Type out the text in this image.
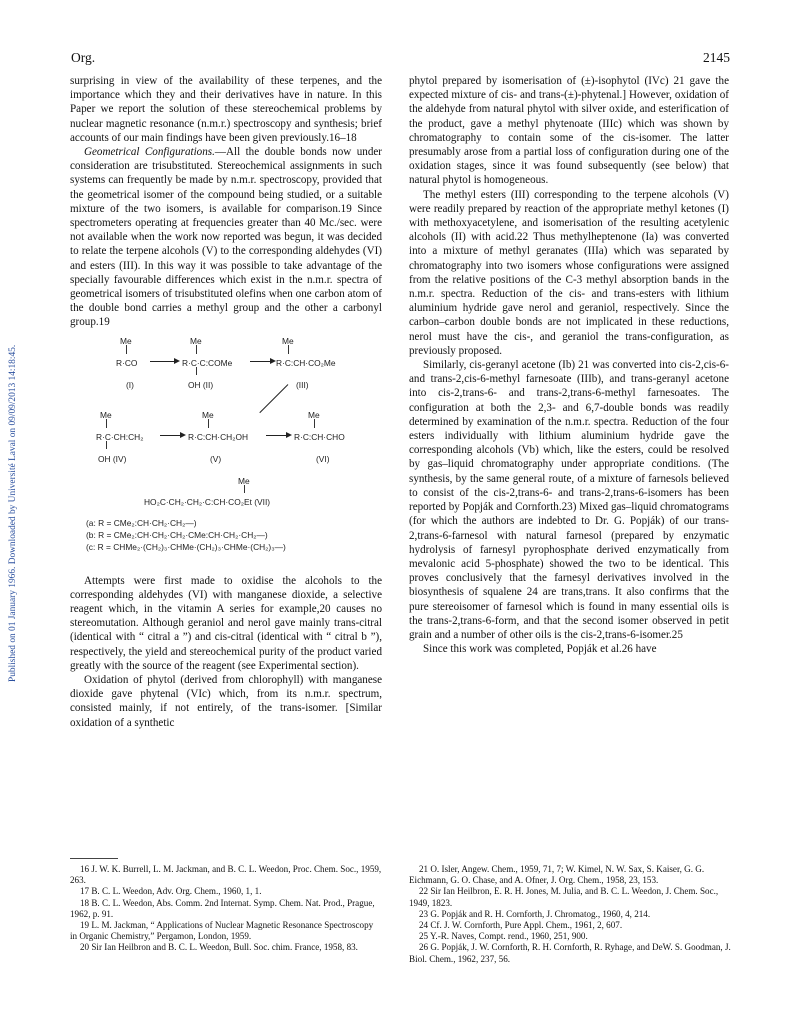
Org.	2145
Published on 01 January 1966. Downloaded by Université Laval on 09/09/2013 14:18:45.

surprising in view of the availability of these terpenes, and the importance which they and their derivatives have in nature. In this Paper we report the solution of these stereochemical problems by nuclear magnetic resonance (n.m.r.) spectroscopy and synthesis; brief accounts of our main findings have been given previously.16–18

Geometrical Configurations.—All the double bonds now under consideration are trisubstituted. Stereochemical assignments in such systems can frequently be made by n.m.r. spectroscopy, provided that the geometrical isomer of the compound being studied, or a suitable mixture of the two isomers, is available for comparison.19 Since spectrometers operating at frequencies greater than 40 Mc./sec. were not available when the work now reported was begun, it was decided to relate the terpene alcohols (V) to the corresponding aldehydes (VI) and esters (III). In this way it was possible to take advantage of the specially favourable differences which exist in the n.m.r. spectra of geometrical isomers of trisubstituted olefins when one carbon atom of the double bond carries a methyl group and the other a carbonyl group.19

Me	Me	Me
R·CO → R·C·C:COMe → R·C:CH·CO₂Me
(I)	OH (II)	(III)
Me	Me	Me
R·C·CH:CH₂ → R·C:CH·CH₂OH → R·C:CH·CHO
OH (IV)	(V)	(VI)
Me
HO₂C·CH₂·CH₂·C:CH·CO₂Et (VII)
(a: R = CMe₂:CH·CH₂·CH₂—)
(b: R = CMe₂:CH·CH₂·CH₂·CMe:CH·CH₂·CH₂—)
(c: R = CHMe₂·(CH₂)₃·CHMe·(CH₂)₃·CHMe·(CH₂)₃—)

Attempts were first made to oxidise the alcohols to the corresponding aldehydes (VI) with manganese dioxide, a selective reagent which, in the vitamin A series for example,20 causes no stereomutation. Although geraniol and nerol gave mainly trans-citral (identical with “ citral a ”) and cis-citral (identical with “ citral b ”), respectively, the yield and stereochemical purity of the product varied greatly with the source of the reagent (see Experimental section).

Oxidation of phytol (derived from chlorophyll) with manganese dioxide gave phytenal (VIc) which, from its n.m.r. spectrum, consisted mainly, if not entirely, of the trans-isomer. [Similar oxidation of a synthetic

phytol prepared by isomerisation of (±)-isophytol (IVc) 21 gave the expected mixture of cis- and trans-(±)-phytenal.] However, oxidation of the aldehyde from natural phytol with silver oxide, and esterification of the product, gave a methyl phytenoate (IIIc) which was shown by chromatography to contain some of the cis-isomer. The latter presumably arose from a partial loss of configuration during one of the oxidation stages, since it was found subsequently (see below) that natural phytol is homogeneous.

The methyl esters (III) corresponding to the terpene alcohols (V) were readily prepared by reaction of the appropriate methyl ketones (I) with methoxyacetylene, and isomerisation of the resulting acetylenic alcohols (II) with acid.22 Thus methylheptenone (Ia) was converted into a mixture of methyl geranates (IIIa) which was separated by chromatography into two isomers whose configurations were assigned from the relative positions of the C-3 methyl absorption bands in the n.m.r. spectra. Reduction of the cis- and trans-esters with lithium aluminium hydride gave nerol and geraniol, respectively. Since the carbon–carbon double bonds are not implicated in these reductions, nerol must have the cis-, and geraniol the trans-configuration, as previously proposed.

Similarly, cis-geranyl acetone (Ib) 21 was converted into cis-2,cis-6- and trans-2,cis-6-methyl farnesoate (IIIb), and trans-geranyl acetone into cis-2,trans-6- and trans-2,trans-6-methyl farnesoates. The configuration at both the 2,3- and 6,7-double bonds was readily determined by examination of the n.m.r. spectra. Reduction of the four esters individually with lithium aluminium hydride gave the corresponding alcohols (Vb) which, like the esters, could be resolved by gas–liquid chromatography under appropriate conditions. (The synthesis, by the same general route, of a mixture of farnesols believed to consist of the cis-2,trans-6- and trans-2,trans-6-isomers has been reported by Popják and Cornforth.23) Mixed gas–liquid chromatograms (for which the authors are indebted to Dr. G. Popják) of our trans-2,trans-6-farnesol with natural farnesol (prepared by enzymatic hydrolysis of farnesyl pyrophosphate derived enzymatically from mevalonic acid 5-phosphate) showed the two to be identical. This proves conclusively that the farnesyl derivatives involved in the biosynthesis of squalene 24 are trans,trans. It also confirms that the pure stereoisomer of farnesol which is found in many essential oils is the trans-2,trans-6-form, and that the second isomer observed in petit grain and a number of other oils is the cis-2,trans-6-isomer.25

Since this work was completed, Popják et al.26 have

16 J. W. K. Burrell, L. M. Jackman, and B. C. L. Weedon, Proc. Chem. Soc., 1959, 263.

17 B. C. L. Weedon, Adv. Org. Chem., 1960, 1, 1.

18 B. C. L. Weedon, Abs. Comm. 2nd Internat. Symp. Chem. Nat. Prod., Prague, 1962, p. 91.

19 L. M. Jackman, “ Applications of Nuclear Magnetic Resonance Spectroscopy in Organic Chemistry,” Pergamon, London, 1959.

20 Sir Ian Heilbron and B. C. L. Weedon, Bull. Soc. chim. France, 1958, 83.

21 O. Isler, Angew. Chem., 1959, 71, 7; W. Kimel, N. W. Sax, S. Kaiser, G. G. Eichmann, G. O. Chase, and A. Ofner, J. Org. Chem., 1958, 23, 153.

22 Sir Ian Heilbron, E. R. H. Jones, M. Julia, and B. C. L. Weedon, J. Chem. Soc., 1949, 1823.

23 G. Popják and R. H. Cornforth, J. Chromatog., 1960, 4, 214.

24 Cf. J. W. Cornforth, Pure Appl. Chem., 1961, 2, 607.

25 Y.-R. Naves, Compt. rend., 1960, 251, 900.

26 G. Popják, J. W. Cornforth, R. H. Cornforth, R. Ryhage, and DeW. S. Goodman, J. Biol. Chem., 1962, 237, 56.
